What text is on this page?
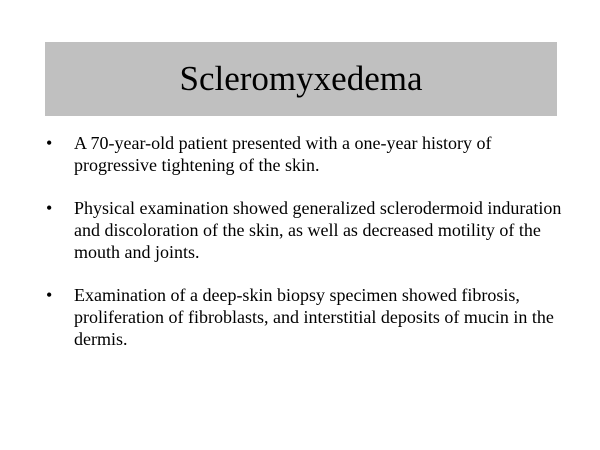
Scleromyxedema
• A 70-year-old patient presented with a one-year history of progressive tightening of the skin.
• Physical examination showed generalized sclerodermoid induration and discoloration of the skin, as well as decreased motility of the mouth and joints.
• Examination of a deep-skin biopsy specimen showed fibrosis, proliferation of fibroblasts, and interstitial deposits of mucin in the dermis.
